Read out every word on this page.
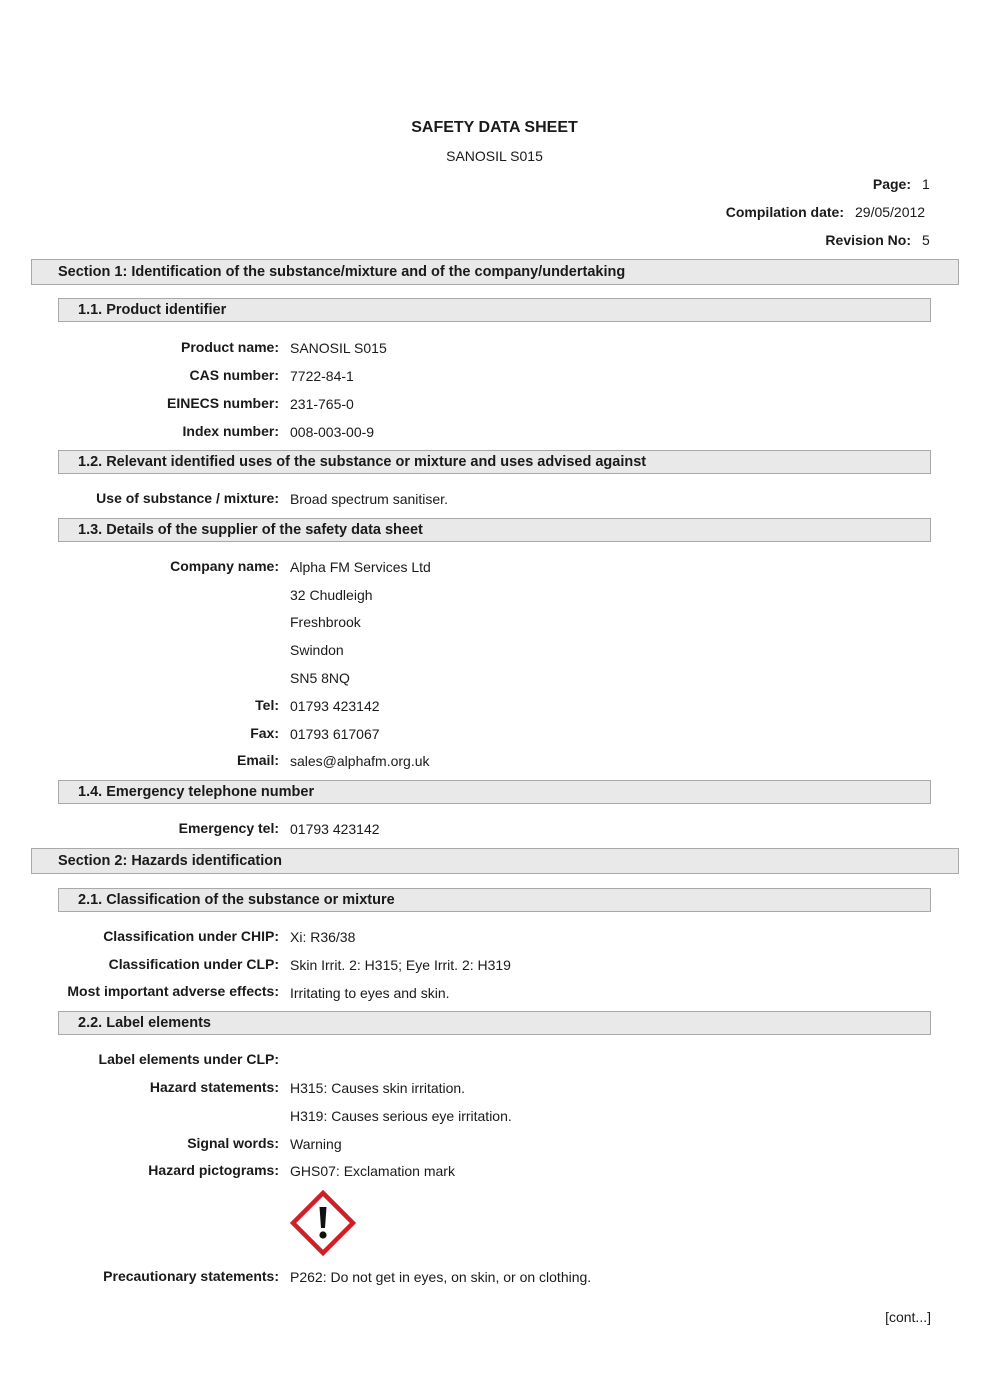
SAFETY DATA SHEET
SANOSIL S015
Page: 1
Compilation date: 29/05/2012
Revision No: 5
Section 1: Identification of the substance/mixture and of the company/undertaking
1.1. Product identifier
Product name: SANOSIL S015
CAS number: 7722-84-1
EINECS number: 231-765-0
Index number: 008-003-00-9
1.2. Relevant identified uses of the substance or mixture and uses advised against
Use of substance / mixture: Broad spectrum sanitiser.
1.3. Details of the supplier of the safety data sheet
Company name: Alpha FM Services Ltd
32 Chudleigh
Freshbrook
Swindon
SN5 8NQ
Tel: 01793 423142
Fax: 01793 617067
Email: sales@alphafm.org.uk
1.4. Emergency telephone number
Emergency tel: 01793 423142
Section 2: Hazards identification
2.1. Classification of the substance or mixture
Classification under CHIP: Xi: R36/38
Classification under CLP: Skin Irrit. 2: H315; Eye Irrit. 2: H319
Most important adverse effects: Irritating to eyes and skin.
2.2. Label elements
Label elements under CLP:
Hazard statements: H315: Causes skin irritation.
H319: Causes serious eye irritation.
Signal words: Warning
Hazard pictograms: GHS07: Exclamation mark
Precautionary statements: P262: Do not get in eyes, on skin, or on clothing.
[cont...]
